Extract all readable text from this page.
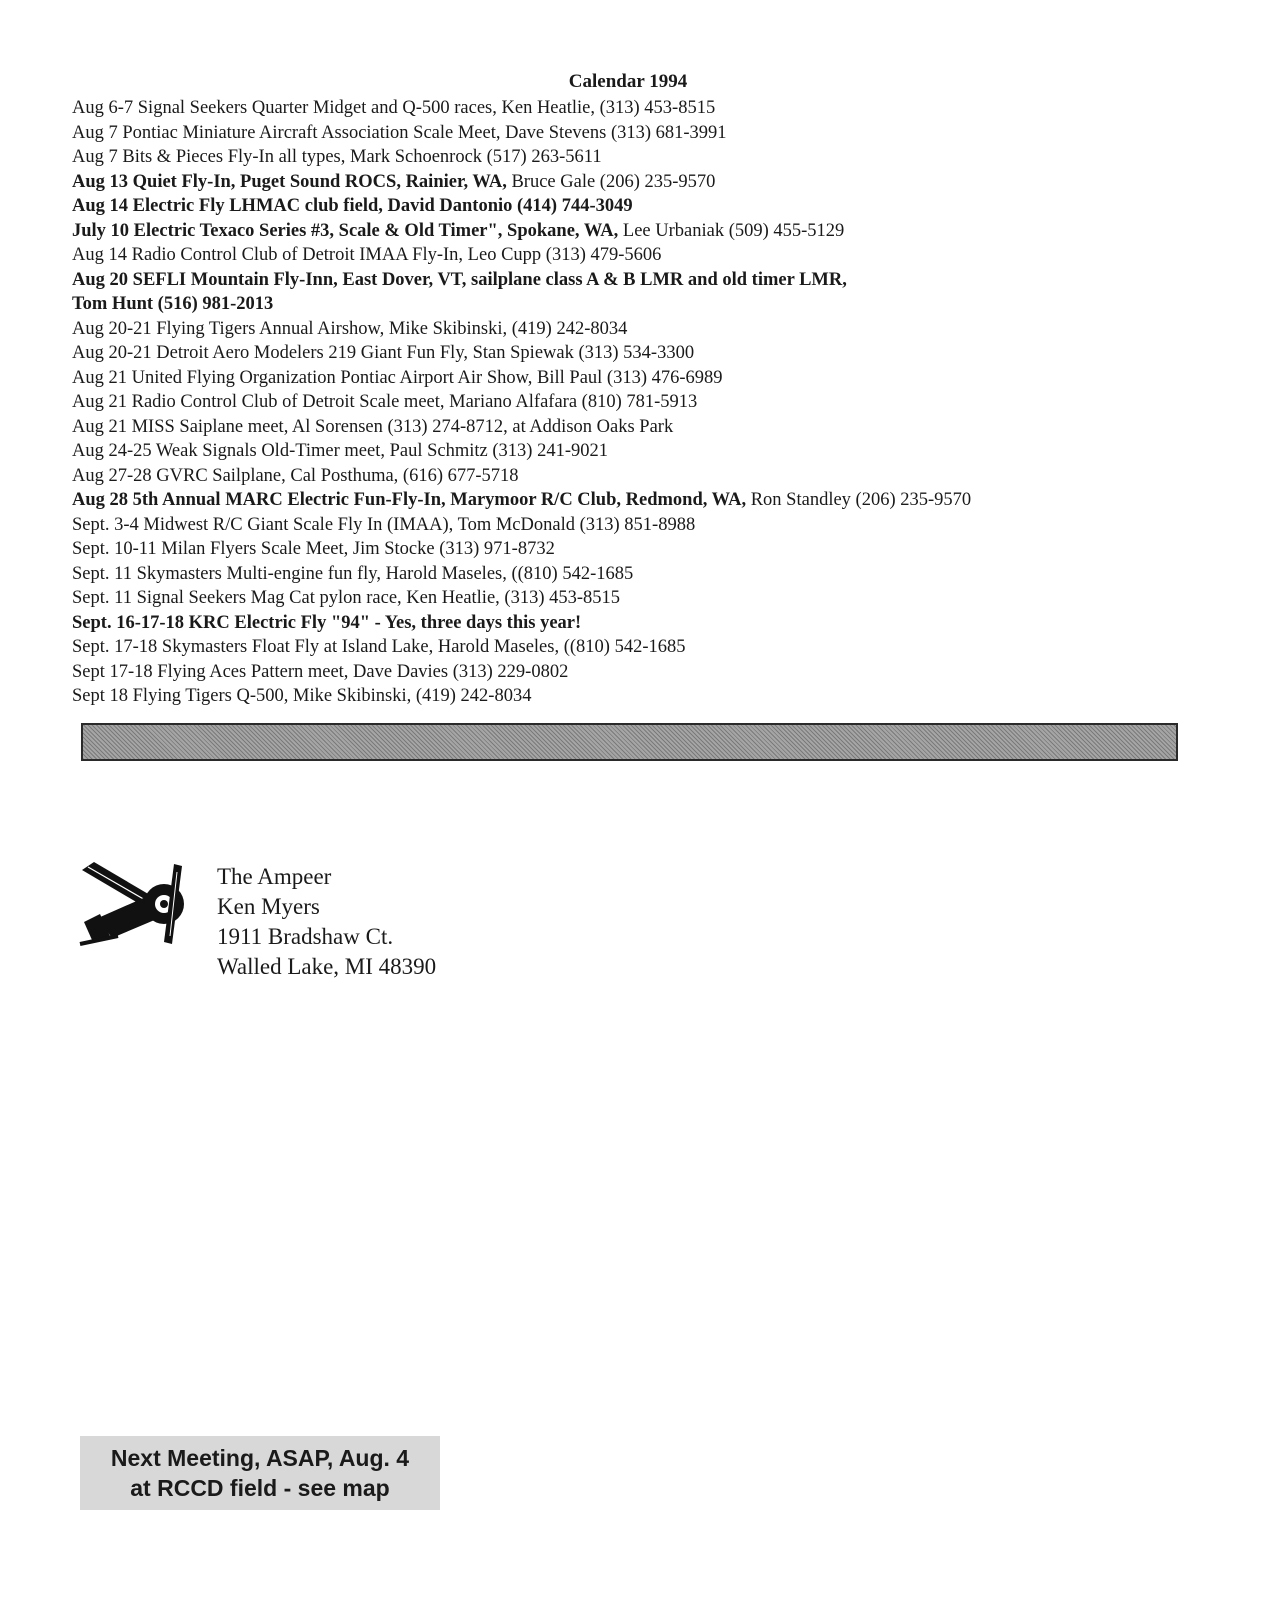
Calendar 1994
Aug 6-7 Signal Seekers Quarter Midget and Q-500 races, Ken Heatlie, (313) 453-8515
Aug 7 Pontiac Miniature Aircraft Association Scale Meet, Dave Stevens (313) 681-3991
Aug 7 Bits & Pieces Fly-In all types, Mark Schoenrock (517) 263-5611
Aug 13 Quiet Fly-In, Puget Sound ROCS, Rainier, WA, Bruce Gale (206) 235-9570
Aug 14 Electric Fly LHMAC club field, David Dantonio (414) 744-3049
July 10 Electric Texaco Series #3, Scale & Old Timer", Spokane, WA, Lee Urbaniak (509) 455-5129
Aug 14 Radio Control Club of Detroit IMAA Fly-In, Leo Cupp (313) 479-5606
Aug 20 SEFLI Mountain Fly-Inn, East Dover, VT, sailplane class A & B LMR and old timer LMR,
Tom Hunt (516) 981-2013
Aug 20-21 Flying Tigers Annual Airshow, Mike Skibinski, (419) 242-8034
Aug 20-21 Detroit Aero Modelers 219 Giant Fun Fly, Stan Spiewak (313) 534-3300
Aug 21 United Flying Organization Pontiac Airport Air Show, Bill Paul (313) 476-6989
Aug 21 Radio Control Club of Detroit Scale meet, Mariano Alfafara (810) 781-5913
Aug 21 MISS Saiplane meet, Al Sorensen (313) 274-8712, at Addison Oaks Park
Aug 24-25 Weak Signals Old-Timer meet, Paul Schmitz (313) 241-9021
Aug 27-28 GVRC Sailplane, Cal Posthuma, (616) 677-5718
Aug 28 5th Annual MARC Electric Fun-Fly-In, Marymoor R/C Club, Redmond, WA, Ron Standley (206) 235-9570
Sept. 3-4 Midwest R/C Giant Scale Fly In (IMAA), Tom McDonald (313) 851-8988
Sept. 10-11 Milan Flyers Scale Meet, Jim Stocke (313) 971-8732
Sept. 11 Skymasters Multi-engine fun fly, Harold Maseles, ((810) 542-1685
Sept. 11 Signal Seekers Mag Cat pylon race, Ken Heatlie, (313) 453-8515
Sept. 16-17-18 KRC Electric Fly "94" - Yes, three days this year!
Sept. 17-18 Skymasters Float Fly at Island Lake, Harold Maseles, ((810) 542-1685
Sept 17-18 Flying Aces Pattern meet, Dave Davies (313) 229-0802
Sept 18 Flying Tigers Q-500, Mike Skibinski, (419) 242-8034
The Ampeer
Ken Myers
1911 Bradshaw Ct.
Walled Lake, MI 48390
Next Meeting, ASAP, Aug. 4
at RCCD field - see map
